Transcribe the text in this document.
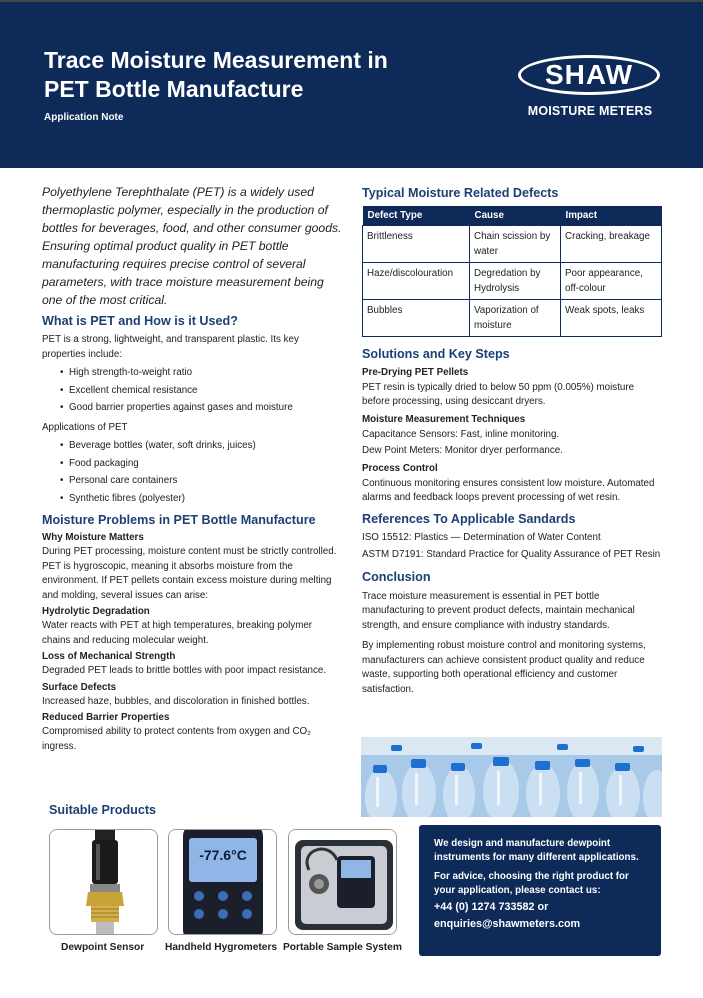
Trace Moisture Measurement in
PET Bottle Manufacture
Application Note
SHAW
MOISTURE METERS

Polyethylene Terephthalate (PET) is a widely used thermoplastic polymer, especially in the production of bottles for beverages, food, and other consumer goods. Ensuring optimal product quality in PET bottle manufacturing requires precise control of several parameters, with trace moisture measurement being one of the most critical.

What is PET and How is it Used?

PET is a strong, lightweight, and transparent plastic. Its key properties include:

• High strength-to-weight ratio
• Excellent chemical resistance
• Good barrier properties against gases and moisture

Applications of PET

• Beverage bottles (water, soft drinks, juices)
• Food packaging
• Personal care containers
• Synthetic fibres (polyester)
Moisture Problems in PET Bottle Manufacture
Why Moisture Matters

During PET processing, moisture content must be strictly controlled. PET is hygroscopic, meaning it absorbs moisture from the environment. If PET pellets contain excess moisture during melting and molding, several issues can arise:

Hydrolytic Degradation

Water reacts with PET at high temperatures, breaking polymer chains and reducing molecular weight.

Loss of Mechanical Strength

Degraded PET leads to brittle bottles with poor impact resistance.

Surface Defects

Increased haze, bubbles, and discoloration in finished bottles.

Reduced Barrier Properties

Compromised ability to protect contents from oxygen and CO₂ ingress.

Typical Moisture Related Defects
Defect Type	Cause	Impact
Brittleness	Chain scission by water	Cracking, breakage
Haze/discolouration	Degredation by Hydrolysis	Poor appearance, off-colour
Bubbles	Vaporization of moisture	Weak spots, leaks
Solutions and Key Steps
Pre-Drying PET Pellets

PET resin is typically dried to below 50 ppm (0.005%) moisture before processing, using desiccant dryers.

Moisture Measurement Techniques

Capacitance Sensors: Fast, inline monitoring.

Dew Point Meters: Monitor dryer performance.

Process Control

Continuous monitoring ensures consistent low moisture. Automated alarms and feedback loops prevent processing of wet resin.

References To Applicable Sandards

ISO 15512: Plastics — Determination of Water Content

ASTM D7191: Standard Practice for Quality Assurance of PET Resin

Conclusion

Trace moisture measurement is essential in PET bottle manufacturing to prevent product defects, maintain mechanical strength, and ensure compliance with industry standards.

By implementing robust moisture control and monitoring systems, manufacturers can achieve consistent product quality and reduce waste, supporting both operational efficiency and customer satisfaction.

Suitable Products
-77.6°C
Dewpoint Sensor Handheld Hygrometers Portable Sample System

We design and manufacture dewpoint instruments for many different applications.

For advice, choosing the right product for your application, please contact us:

+44 (0) 1274 733582 or

enquiries@shawmeters.com
